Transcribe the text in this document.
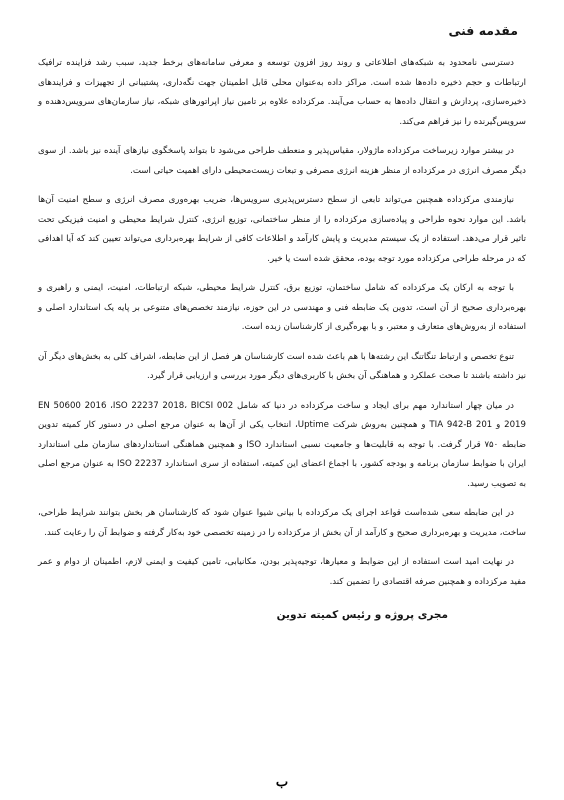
مقدمه فنی

دسترسی نامحدود به شبکه‌های اطلاعاتی و روند روز افزون توسعه و معرفی سامانه‌های برخط جدید، سبب رشد فزاینده ترافیک ارتباطات و حجم ذخیره داده‌ها شده است. مراکز داده به‌عنوان محلی قابل اطمینان جهت نگه‌داری، پشتیبانی از تجهیزات و فرایندهای ذخیره‌سازی، پردازش و انتقال داده‌ها به حساب می‌آیند. مرکزداده علاوه بر تامین نیاز اپراتورهای شبکه، نیاز سازمان‌های سرویس‌دهنده و سرویس‌گیرنده را نیز فراهم می‌کند.

در بیشتر موارد زیرساخت مرکزداده ماژولار، مقیاس‌پذیر و منعطف طراحی می‌شود تا بتواند پاسخگوی نیازهای آینده نیز باشد. از سوی دیگر مصرف انرژی در مرکزداده از منظر هزینه انرژی مصرفی و تبعات زیست‌محیطی دارای اهمیت حیاتی است.

نیازمندی مرکزداده همچنین می‌تواند تابعی از سطح دسترس‌پذیری سرویس‌ها، ضریب بهره‌وری مصرف انرژی و سطح امنیت آن‌ها باشد. این موارد نحوه طراحی و پیاده‌سازی مرکزداده را از منظر ساختمانی، توزیع انرژی، کنترل شرایط محیطی و امنیت فیزیکی تحت تاثیر قرار می‌دهد. استفاده از یک سیستم مدیریت و پایش کارآمد و اطلاعات کافی از شرایط بهره‌برداری می‌تواند تعیین کند که آیا اهدافی که در مرحله طراحی مرکزداده مورد توجه بوده، محقق شده است یا خیر.

با توجه به ارکان یک مرکزداده که شامل ساختمان، توزیع برق، کنترل شرایط محیطی، شبکه ارتباطات، امنیت، ایمنی و راهبری و بهره‌برداری صحیح از آن است، تدوین یک ضابطه فنی و مهندسی در این حوزه، نیازمند تخصص‌های متنوعی بر پایه یک استاندارد اصلی و استفاده از به‌روش‌های متعارف و معتبر، و با بهره‌گیری از کارشناسان زبده است.

تنوع تخصص و ارتباط تنگاتنگ این رشته‌ها با هم باعث شده است کارشناسان هر فصل از این ضابطه، اشراف کلی به بخش‌های دیگر آن نیز داشته باشند تا صحت عملکرد و هماهنگی آن بخش با کاربری‌های دیگر مورد بررسی و ارزیابی قرار گیرد.

در میان چهار استاندارد مهم برای ایجاد و ساخت مرکزداده در دنیا که شامل EN 50600 2016 ،ISO 22237 2018، BICSI 002 2019 و TIA 942-B 201 و همچنین به‌روش شرکت Uptime، انتخاب یکی از آن‌ها به عنوان مرجع اصلی در دستور کار کمیته تدوین ضابطه ۷۵۰ قرار گرفت. با توجه به قابلیت‌ها و جامعیت نسبی استاندارد ISO و همچنین هماهنگی استانداردهای سازمان ملی استاندارد ایران با ضوابط سازمان برنامه و بودجه کشور، با اجماع اعضای این کمیته، استفاده از سری استاندارد ISO 22237 به عنوان مرجع اصلی به تصویب رسید.

در این ضابطه سعی شده‌است قواعد اجرای یک مرکزداده با بیانی شیوا عنوان شود که کارشناسان هر بخش بتوانند شرایط طراحی، ساخت، مدیریت و بهره‌برداری صحیح و کارآمد از آن بخش از مرکزداده را در زمینه تخصصی خود به‌کار گرفته و ضوابط آن را رعایت کنند.

در نهایت امید است استفاده از این ضوابط و معیارها، توجیه‌پذیر بودن، مکانیابی، تامین کیفیت و ایمنی لازم، اطمینان از دوام و عمر مفید مرکزداده و همچنین صرفه اقتصادی را تضمین کند.

مجری پروژه و رئیس کمیته تدوین
ب
